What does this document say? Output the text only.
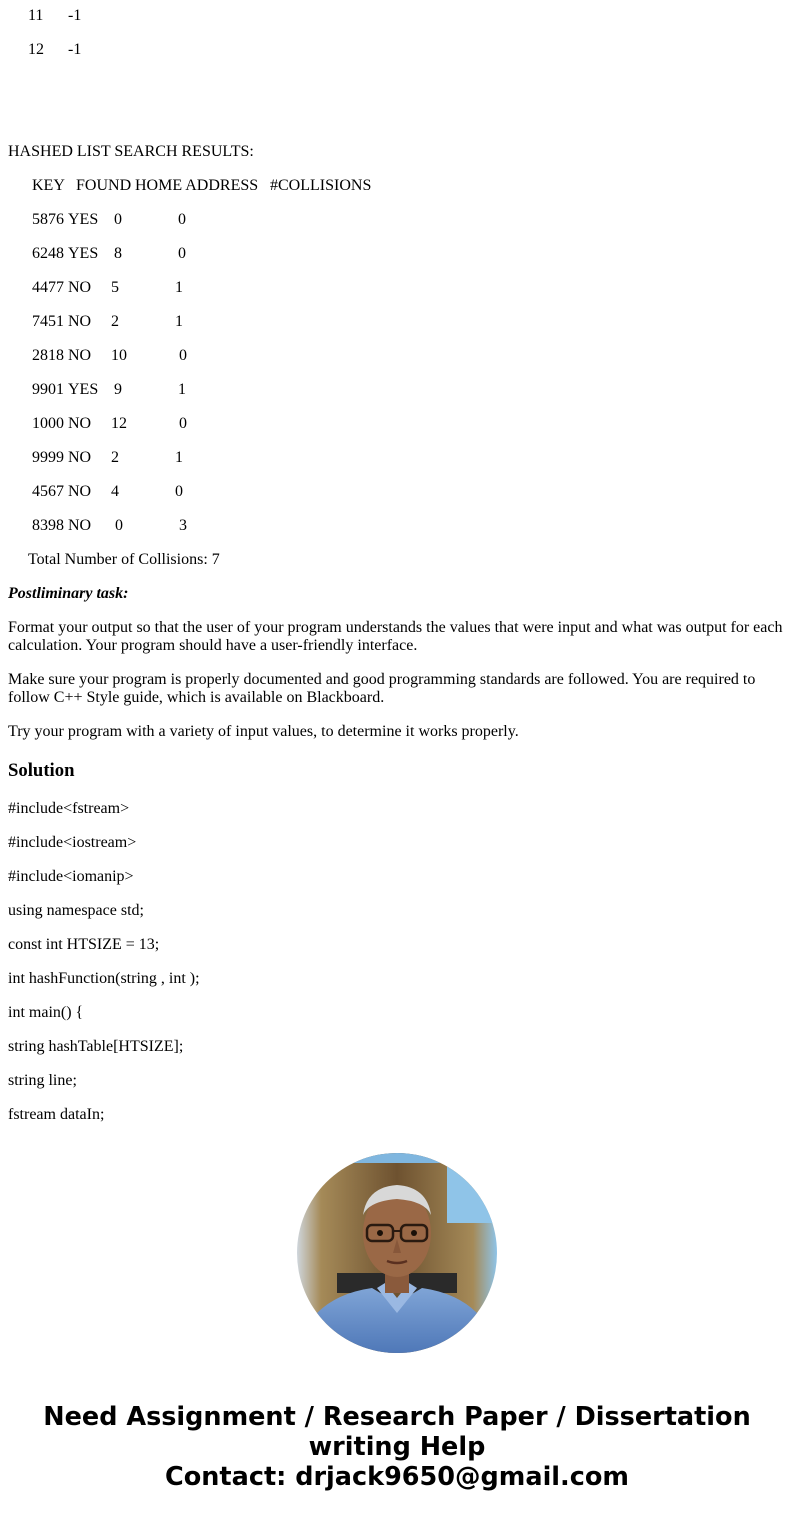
11 -1
12 -1
HASHED LIST SEARCH RESULTS:
KEY FOUND HOME ADDRESS #COLLISIONS
5876 YES 0	0
6248 YES 8	0
4477 NO 5	1
7451 NO 2	1
2818 NO 10	0
9901 YES 9	1
1000 NO 12	0
9999 NO 2	1
4567 NO 4	0
8398 NO 0	3
Total Number of Collisions: 7
Postliminary task:
Format your output so that the user of your program understands the values that were input and what was output for each calculation. Your program should have a user-friendly interface.
Make sure your program is properly documented and good programming standards are followed. You are required to follow C++ Style guide, which is available on Blackboard.
Try your program with a variety of input values, to determine it works properly.
Solution
#include<fstream>
#include<iostream>
#include<iomanip>
using namespace std;
const int HTSIZE = 13;
int hashFunction(string , int );
int main() {
string hashTable[HTSIZE];
string line;
fstream dataIn;
Need Assignment / Research Paper / Dissertation
writing Help
Contact: drjack9650@gmail.com
